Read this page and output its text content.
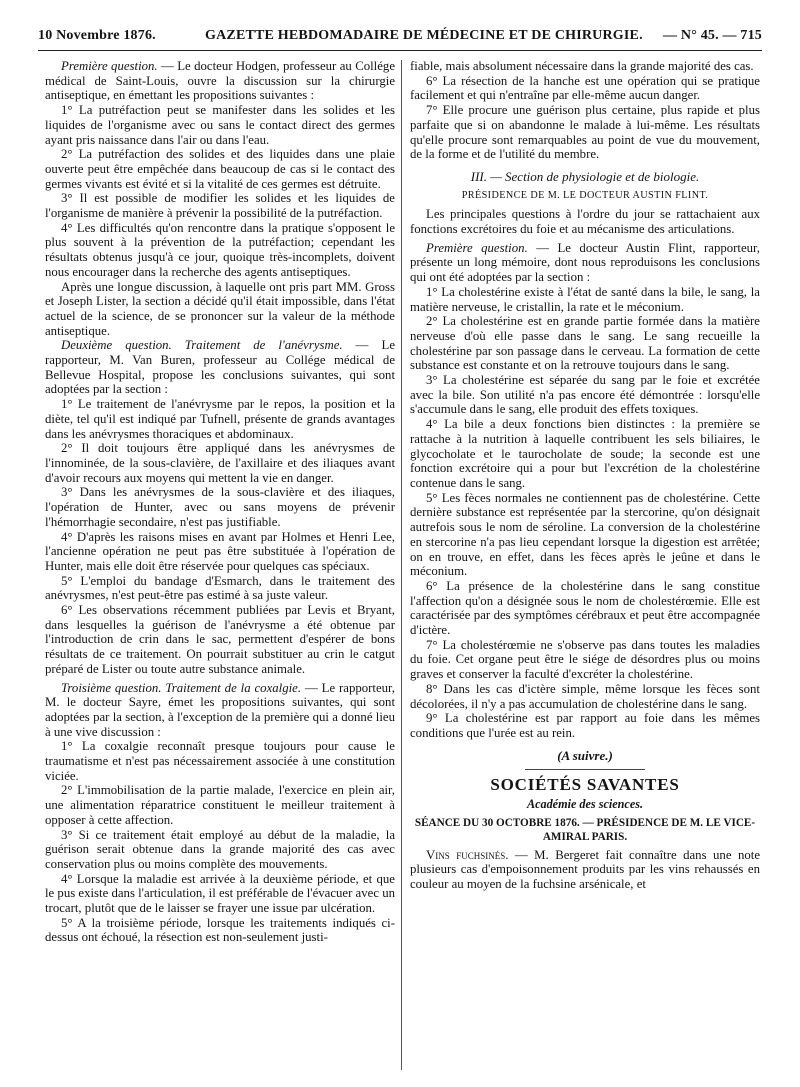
10 Novembre 1876.	GAZETTE HEBDOMADAIRE DE MÉDECINE ET DE CHIRURGIE. — N° 45. — 715

Première question. — Le docteur Hodgen, professeur au Collége médical de Saint-Louis, ouvre la discussion sur la chirurgie antiseptique, en émettant les propositions suivantes :

1° La putréfaction peut se manifester dans les solides et les liquides de l'organisme avec ou sans le contact direct des germes ayant pris naissance dans l'air ou dans l'eau.

2° La putréfaction des solides et des liquides dans une plaie ouverte peut être empêchée dans beaucoup de cas si le contact des germes vivants est évité et si la vitalité de ces germes est détruite.

3° Il est possible de modifier les solides et les liquides de l'organisme de manière à prévenir la possibilité de la putréfaction.

4° Les difficultés qu'on rencontre dans la pratique s'opposent le plus souvent à la prévention de la putréfaction; cependant les résultats obtenus jusqu'à ce jour, quoique très-incomplets, doivent nous encourager dans la recherche des agents antiseptiques.

Après une longue discussion, à laquelle ont pris part MM. Gross et Joseph Lister, la section a décidé qu'il était impossible, dans l'état actuel de la science, de se prononcer sur la valeur de la méthode antiseptique.

Deuxième question. Traitement de l'anévrysme. — Le rapporteur, M. Van Buren, professeur au Collége médical de Bellevue Hospital, propose les conclusions suivantes, qui sont adoptées par la section :

1° Le traitement de l'anévrysme par le repos, la position et la diète, tel qu'il est indiqué par Tufnell, présente de grands avantages dans les anévrysmes thoraciques et abdominaux.

2° Il doit toujours être appliqué dans les anévrysmes de l'innominée, de la sous-clavière, de l'axillaire et des iliaques avant d'avoir recours aux moyens qui mettent la vie en danger.

3° Dans les anévrysmes de la sous-clavière et des iliaques, l'opération de Hunter, avec ou sans moyens de prévenir l'hémorrhagie secondaire, n'est pas justifiable.

4° D'après les raisons mises en avant par Holmes et Henri Lee, l'ancienne opération ne peut pas être substituée à l'opération de Hunter, mais elle doit être réservée pour quelques cas spéciaux.

5° L'emploi du bandage d'Esmarch, dans le traitement des anévrysmes, n'est peut-être pas estimé à sa juste valeur.

6° Les observations récemment publiées par Levis et Bryant, dans lesquelles la guérison de l'anévrysme a été obtenue par l'introduction de crin dans le sac, permettent d'espérer de bons résultats de ce traitement. On pourrait substituer au crin le catgut préparé de Lister ou toute autre substance animale.

Troisième question. Traitement de la coxalgie. — Le rapporteur, M. le docteur Sayre, émet les propositions suivantes, qui sont adoptées par la section, à l'exception de la première qui a donné lieu à une vive discussion :

1° La coxalgie reconnaît presque toujours pour cause le traumatisme et n'est pas nécessairement associée à une constitution viciée.

2° L'immobilisation de la partie malade, l'exercice en plein air, une alimentation réparatrice constituent le meilleur traitement à opposer à cette affection.

3° Si ce traitement était employé au début de la maladie, la guérison serait obtenue dans la grande majorité des cas avec conservation plus ou moins complète des mouvements.

4° Lorsque la maladie est arrivée à la deuxième période, et que le pus existe dans l'articulation, il est préférable de l'évacuer avec un trocart, plutôt que de le laisser se frayer une issue par ulcération.

5° A la troisième période, lorsque les traitements indiqués ci-dessus ont échoué, la résection est non-seulement justi-

fiable, mais absolument nécessaire dans la grande majorité des cas.

6° La résection de la hanche est une opération qui se pratique facilement et qui n'entraîne par elle-même aucun danger.

7° Elle procure une guérison plus certaine, plus rapide et plus parfaite que si on abandonne le malade à lui-même. Les résultats qu'elle procure sont remarquables au point de vue du mouvement, de la forme et de l'utilité du membre.

III. — Section de physiologie et de biologie.

PRÉSIDENCE DE M. LE DOCTEUR AUSTIN FLINT.

Les principales questions à l'ordre du jour se rattachaient aux fonctions excrétoires du foie et au mécanisme des articulations.

Première question. — Le docteur Austin Flint, rapporteur, présente un long mémoire, dont nous reproduisons les conclusions qui ont été adoptées par la section :

1° La cholestérine existe à l'état de santé dans la bile, le sang, la matière nerveuse, le cristallin, la rate et le méconium.

2° La cholestérine est en grande partie formée dans la matière nerveuse d'où elle passe dans le sang. Le sang recueille la cholestérine par son passage dans le cerveau. La formation de cette substance est constante et on la retrouve toujours dans le sang.

3° La cholestérine est séparée du sang par le foie et excrétée avec la bile. Son utilité n'a pas encore été démontrée : lorsqu'elle s'accumule dans le sang, elle produit des effets toxiques.

4° La bile a deux fonctions bien distinctes : la première se rattache à la nutrition à laquelle contribuent les sels biliaires, le glycocholate et le taurocholate de soude; la seconde est une fonction excrétoire qui a pour but l'excrétion de la cholestérine contenue dans le sang.

5° Les fèces normales ne contiennent pas de cholestérine. Cette dernière substance est représentée par la stercorine, qu'on désignait autrefois sous le nom de séroline. La conversion de la cholestérine en stercorine n'a pas lieu cependant lorsque la digestion est arrêtée; on en trouve, en effet, dans les fèces après le jeûne et dans le méconium.

6° La présence de la cholestérine dans le sang constitue l'affection qu'on a désignée sous le nom de cholestérœmie. Elle est caractérisée par des symptômes cérébraux et peut être accompagnée d'ictère.

7° La cholestérœmie ne s'observe pas dans toutes les maladies du foie. Cet organe peut être le siége de désordres plus ou moins graves et conserver la faculté d'excréter la cholestérine.

8° Dans les cas d'ictère simple, même lorsque les fèces sont décolorées, il n'y a pas accumulation de cholestérine dans le sang.

9° La cholestérine est par rapport au foie dans les mêmes conditions que l'urée est au rein.

(A suivre.)

SOCIÉTÉS SAVANTES

Académie des sciences.

SÉANCE DU 30 OCTOBRE 1876. — PRÉSIDENCE DE M. LE VICE-AMIRAL PARIS.

Vins fuchsinés. — M. Bergeret fait connaître dans une note plusieurs cas d'empoisonnement produits par les vins rehaussés en couleur au moyen de la fuchsine arsénicale, et
